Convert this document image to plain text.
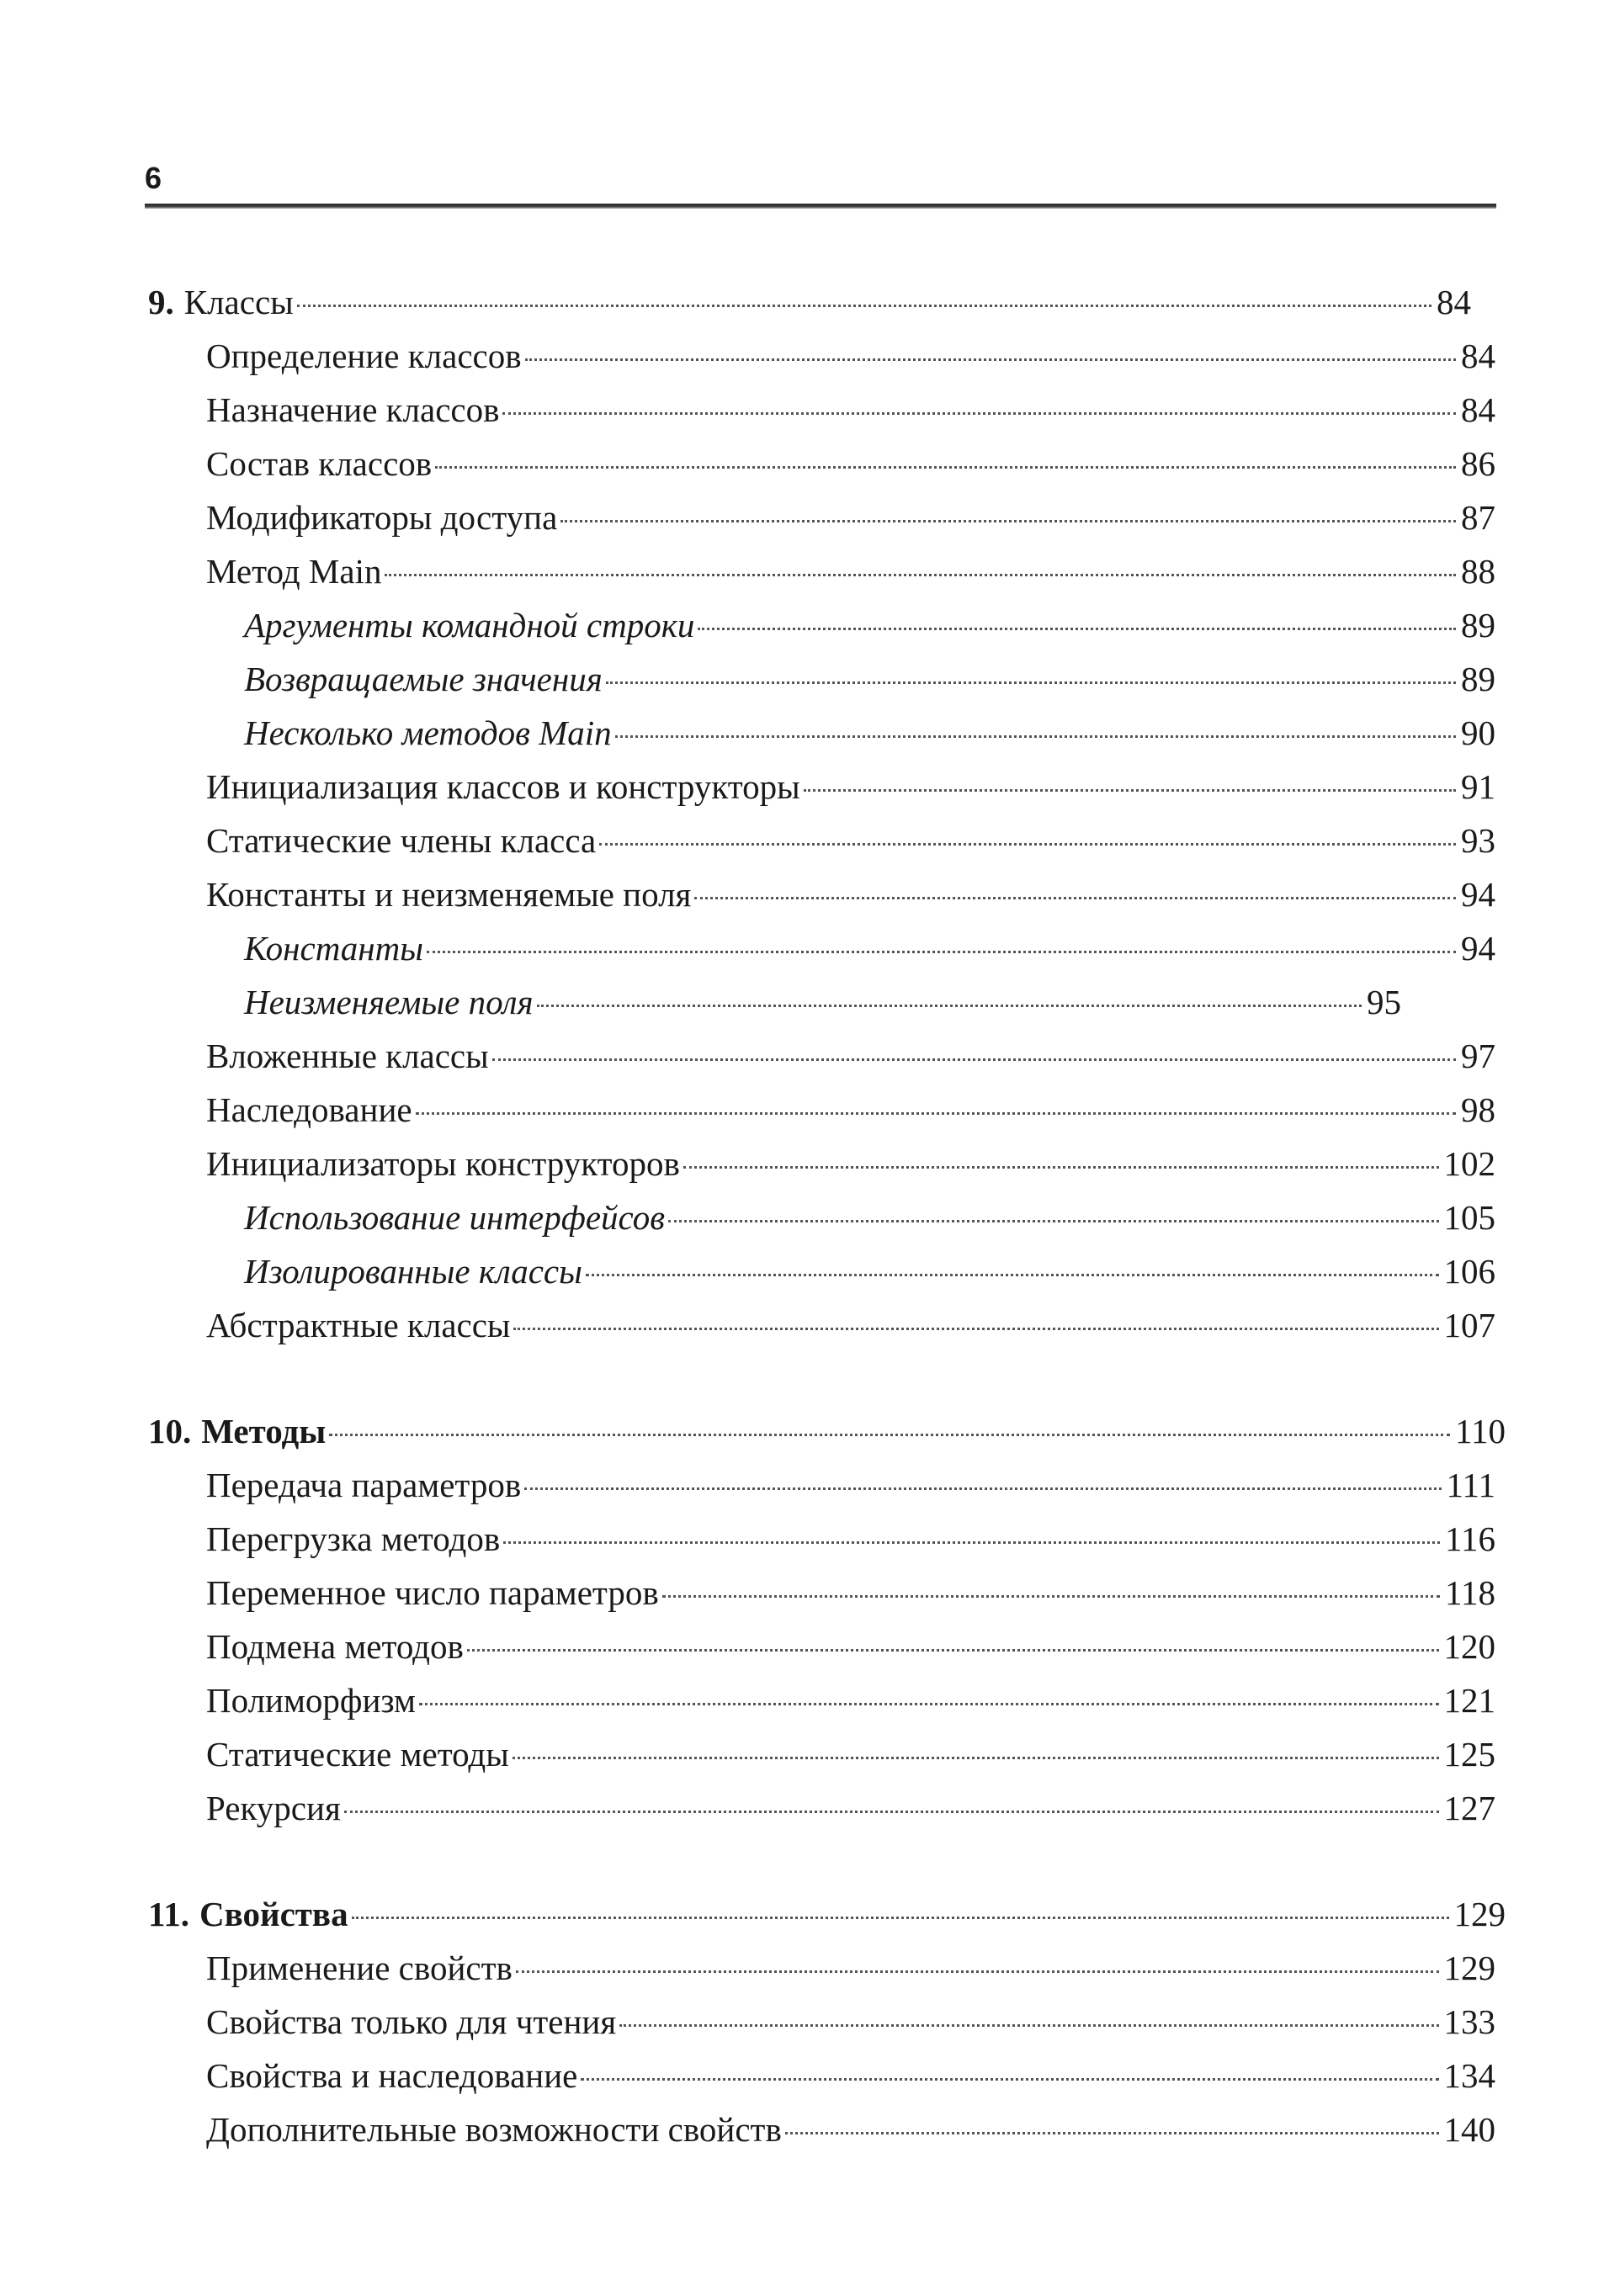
6
9. Классы	84
Определение классов	84
Назначение классов	84
Состав классов	86
Модификаторы доступа	87
Метод Main	88
Аргументы командной строки	89
Возвращаемые значения	89
Несколько методов Main	90
Инициализация классов и конструкторы	91
Статические члены класса	93
Константы и неизменяемые поля	94
Константы	94
Неизменяемые поля	95
Вложенные классы	97
Наследование	98
Инициализаторы конструкторов	102
Использование интерфейсов	105
Изолированные классы	106
Абстрактные классы	107
10. Методы	110
Передача параметров	111
Перегрузка методов	116
Переменное число параметров	118
Подмена методов	120
Полиморфизм	121
Статические методы	125
Рекурсия	127
11. Свойства	129
Применение свойств	129
Свойства только для чтения	133
Свойства и наследование	134
Дополнительные возможности свойств	140
